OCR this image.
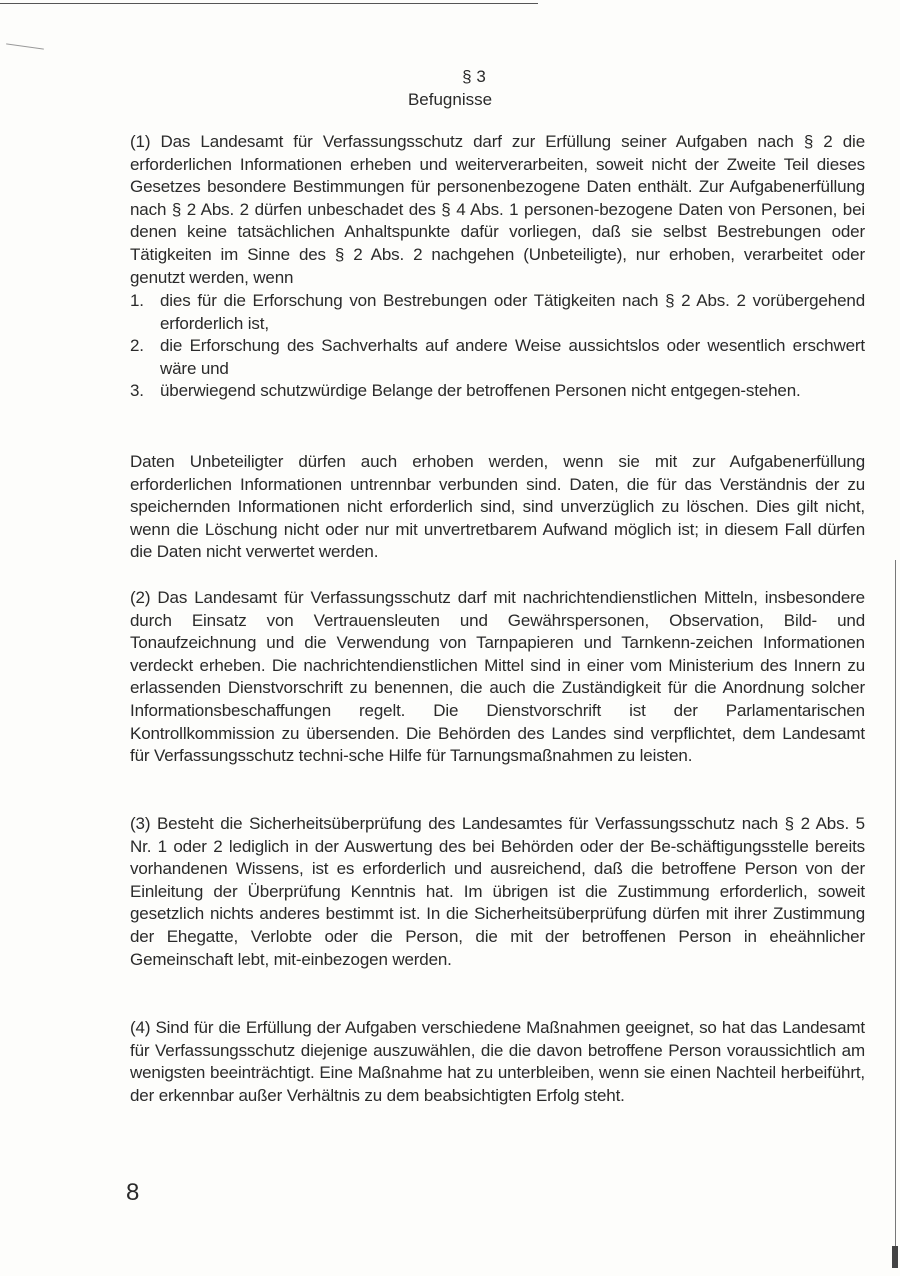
§ 3
Befugnisse
(1) Das Landesamt für Verfassungsschutz darf zur Erfüllung seiner Aufgaben nach § 2 die erforderlichen Informationen erheben und weiterverarbeiten, soweit nicht der Zweite Teil dieses Gesetzes besondere Bestimmungen für personenbezogene Daten enthält. Zur Aufgabenerfüllung nach § 2 Abs. 2 dürfen unbeschadet des § 4 Abs. 1 personen-bezogene Daten von Personen, bei denen keine tatsächlichen Anhaltspunkte dafür vorliegen, daß sie selbst Bestrebungen oder Tätigkeiten im Sinne des § 2 Abs. 2 nachgehen (Unbeteiligte), nur erhoben, verarbeitet oder genutzt werden, wenn
1. dies für die Erforschung von Bestrebungen oder Tätigkeiten nach § 2 Abs. 2 vorübergehend erforderlich ist,
2. die Erforschung des Sachverhalts auf andere Weise aussichtslos oder wesentlich erschwert wäre und
3. überwiegend schutzwürdige Belange der betroffenen Personen nicht entgegen-stehen.
Daten Unbeteiligter dürfen auch erhoben werden, wenn sie mit zur Aufgabenerfüllung erforderlichen Informationen untrennbar verbunden sind. Daten, die für das Verständnis der zu speichernden Informationen nicht erforderlich sind, sind unverzüglich zu löschen. Dies gilt nicht, wenn die Löschung nicht oder nur mit unvertretbarem Aufwand möglich ist; in diesem Fall dürfen die Daten nicht verwertet werden.
(2) Das Landesamt für Verfassungsschutz darf mit nachrichtendienstlichen Mitteln, insbesondere durch Einsatz von Vertrauensleuten und Gewährspersonen, Observation, Bild- und Tonaufzeichnung und die Verwendung von Tarnpapieren und Tarnkenn-zeichen Informationen verdeckt erheben. Die nachrichtendienstlichen Mittel sind in einer vom Ministerium des Innern zu erlassenden Dienstvorschrift zu benennen, die auch die Zuständigkeit für die Anordnung solcher Informationsbeschaffungen regelt. Die Dienstvorschrift ist der Parlamentarischen Kontrollkommission zu übersenden. Die Behörden des Landes sind verpflichtet, dem Landesamt für Verfassungsschutz techni-sche Hilfe für Tarnungsmaßnahmen zu leisten.
(3) Besteht die Sicherheitsüberprüfung des Landesamtes für Verfassungsschutz nach § 2 Abs. 5 Nr. 1 oder 2 lediglich in der Auswertung des bei Behörden oder der Be-schäftigungsstelle bereits vorhandenen Wissens, ist es erforderlich und ausreichend, daß die betroffene Person von der Einleitung der Überprüfung Kenntnis hat. Im übrigen ist die Zustimmung erforderlich, soweit gesetzlich nichts anderes bestimmt ist. In die Sicherheitsüberprüfung dürfen mit ihrer Zustimmung der Ehegatte, Verlobte oder die Person, die mit der betroffenen Person in eheähnlicher Gemeinschaft lebt, mit-einbezogen werden.
(4) Sind für die Erfüllung der Aufgaben verschiedene Maßnahmen geeignet, so hat das Landesamt für Verfassungsschutz diejenige auszuwählen, die die davon betroffene Person voraussichtlich am wenigsten beeinträchtigt. Eine Maßnahme hat zu unterbleiben, wenn sie einen Nachteil herbeiführt, der erkennbar außer Verhältnis zu dem beabsichtigten Erfolg steht.
8
